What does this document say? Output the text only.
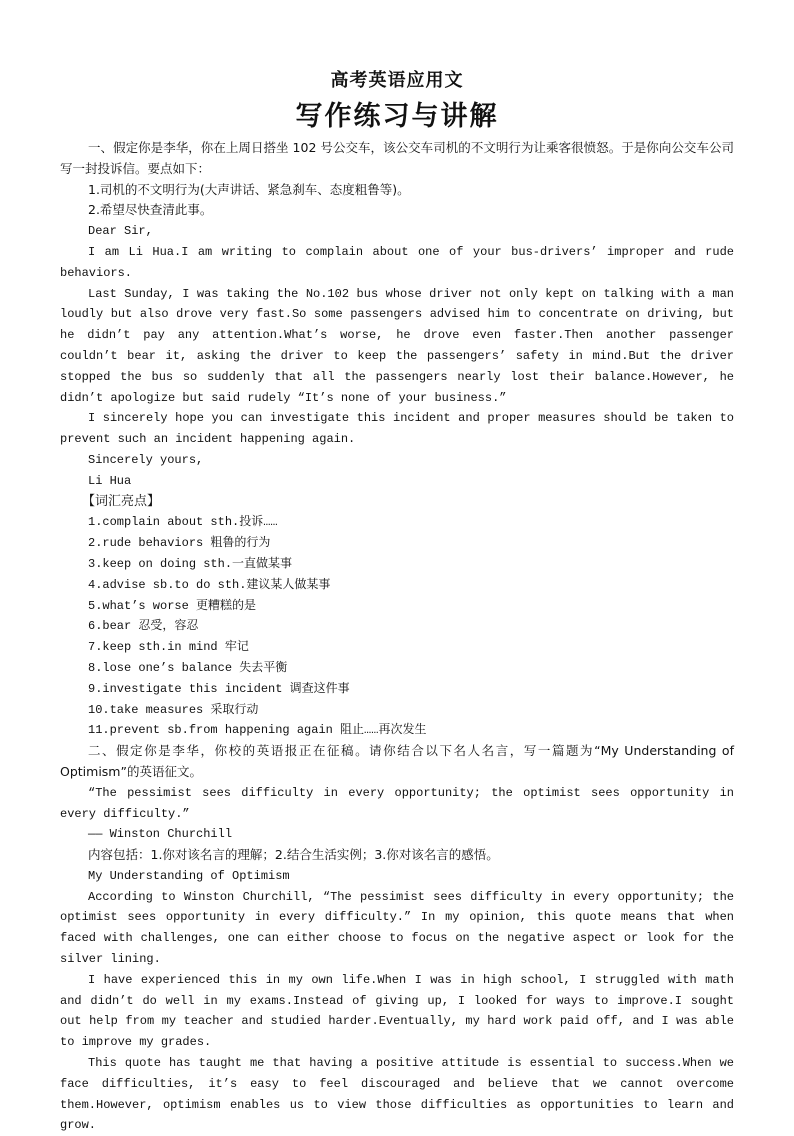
高考英语应用文
写作练习与讲解
一、假定你是李华，你在上周日搭坐 102 号公交车，该公交车司机的不文明行为让乘客很愤怒。于是你向公交车公司写一封投诉信。要点如下：
1.司机的不文明行为(大声讲话、紧急刹车、态度粗鲁等)。
2.希望尽快查清此事。
Dear Sir,
I am Li Hua.I am writing to complain about one of your bus-drivers’ improper and rude behaviors.
Last Sunday, I was taking the No.102 bus whose driver not only kept on talking with a man loudly but also drove very fast.So some passengers advised him to concentrate on driving, but he didn’t pay any attention.What’s worse, he drove even faster.Then another passenger couldn’t bear it, asking the driver to keep the passengers’ safety in mind.But the driver stopped the bus so suddenly that all the passengers nearly lost their balance.However, he didn’t apologize but said rudely “It’s none of your business.”
I sincerely hope you can investigate this incident and proper measures should be taken to prevent such an incident happening again.
Sincerely yours,
Li Hua
【词汇亮点】
1.complain about sth.投诉……
2.rude behaviors 粗鲁的行为
3.keep on doing sth.一直做某事
4.advise sb.to do sth.建议某人做某事
5.what’s worse 更糟糕的是
6.bear 忍受，容忍
7.keep sth.in mind 牢记
8.lose one’s balance 失去平衡
9.investigate this incident 调查这件事
10.take measures 采取行动
11.prevent sb.from happening again 阻止……再次发生
二、假定你是李华，你校的英语报正在征稿。请你结合以下名人名言，写一篇题为“My Understanding of Optimism”的英语征文。
“The pessimist sees difficulty in every opportunity; the optimist sees opportunity in every difficulty.”
—— Winston Churchill
内容包括：1.你对该名言的理解；2.结合生活实例；3.你对该名言的感悟。
My Understanding of Optimism
According to Winston Churchill, “The pessimist sees difficulty in every opportunity; the optimist sees opportunity in every difficulty.” In my opinion, this quote means that when faced with challenges, one can either choose to focus on the negative aspect or look for the silver lining.
I have experienced this in my own life.When I was in high school, I struggled with math and didn’t do well in my exams.Instead of giving up, I looked for ways to improve.I sought out help from my teacher and studied harder.Eventually, my hard work paid off, and I was able to improve my grades.
This quote has taught me that having a positive attitude is essential to success.When we face difficulties, it’s easy to feel discouraged and believe that we cannot overcome them.However, optimism enables us to view those difficulties as opportunities to learn and grow.
